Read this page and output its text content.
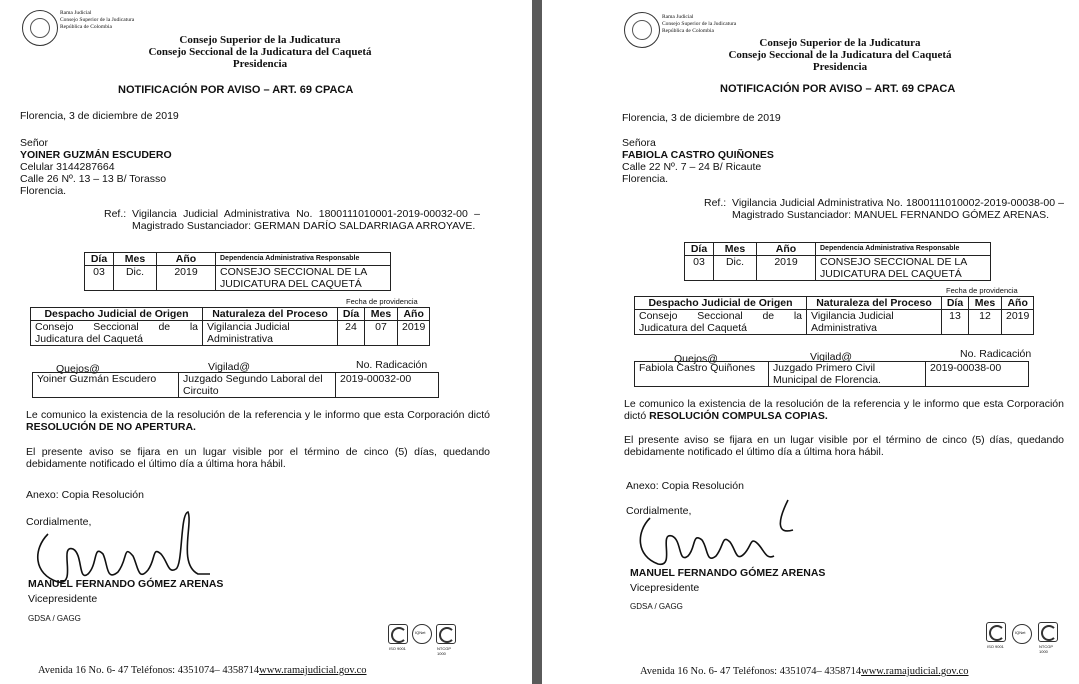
Rama Judicial
Consejo Superior de la Judicatura
República de Colombia
Consejo Superior de la Judicatura
Consejo Seccional de la Judicatura del Caquetá
Presidencia
NOTIFICACIÓN POR AVISO – ART. 69 CPACA
Florencia, 3 de diciembre de 2019
Señor
YOINER GUZMÁN ESCUDERO
Celular 3144287664
Calle 26 Nº. 13 – 13 B/ Torasso
Florencia.
Ref.: Vigilancia Judicial Administrativa No. 1800111010001-2019-00032-00 – Magistrado Sustanciador: GERMAN DARÍO SALDARRIAGA ARROYAVE.
Día	Mes	Año	Dependencia Administrativa Responsable
03	Dic.	2019	CONSEJO SECCIONAL DE LA JUDICATURA DEL CAQUETÁ
Fecha de providencia
Despacho Judicial de Origen	Naturaleza del Proceso	Día	Mes	Año
Consejo Seccional de la Judicatura del Caquetá	Vigilancia Judicial Administrativa	24	07	2019
Quejos@	Vigilad@	No. Radicación
Yoiner Guzmán Escudero	Juzgado Segundo Laboral del Circuito	2019-00032-00
Le comunico la existencia de la resolución de la referencia y le informo que esta Corporación dictó RESOLUCIÓN DE NO APERTURA.
El presente aviso se fijara en un lugar visible por el término de cinco (5) días, quedando debidamente notificado el último día a última hora hábil.
Anexo: Copia Resolución
Cordialmente,
MANUEL FERNANDO GÓMEZ ARENAS
Vicepresidente
GDSA / GAGG
ISO 9001
IQNet
NTCGP 1000
Avenida 16 No. 6- 47 Teléfonos: 4351074– 4358714www.ramajudicial.gov.co
Rama Judicial
Consejo Superior de la Judicatura
República de Colombia
Consejo Superior de la Judicatura
Consejo Seccional de la Judicatura del Caquetá
Presidencia
NOTIFICACIÓN POR AVISO – ART. 69 CPACA
Florencia, 3 de diciembre de 2019
Señora
FABIOLA CASTRO QUIÑONES
Calle 22 Nº. 7 – 24 B/ Ricaute
Florencia.
Ref.: Vigilancia Judicial Administrativa No. 1800111010002-2019-00038-00 – Magistrado Sustanciador: MANUEL FERNANDO GÓMEZ ARENAS.
Día	Mes	Año	Dependencia Administrativa Responsable
03	Dic.	2019	CONSEJO SECCIONAL DE LA JUDICATURA DEL CAQUETÁ
Fecha de providencia
Despacho Judicial de Origen	Naturaleza del Proceso	Día	Mes	Año
Consejo Seccional de la Judicatura del Caquetá	Vigilancia Judicial Administrativa	13	12	2019
Quejos@	Vigilad@	No. Radicación
Fabiola Castro Quiñones	Juzgado Primero Civil Municipal de Florencia.	2019-00038-00
Le comunico la existencia de la resolución de la referencia y le informo que esta Corporación dictó RESOLUCIÓN COMPULSA COPIAS.
El presente aviso se fijara en un lugar visible por el término de cinco (5) días, quedando debidamente notificado el último día a última hora hábil.
Anexo: Copia Resolución
Cordialmente,
MANUEL FERNANDO GÓMEZ ARENAS
Vicepresidente
GDSA / GAGG
ISO 9001
IQNet
NTCGP 1000
Avenida 16 No. 6- 47 Teléfonos: 4351074– 4358714www.ramajudicial.gov.co
